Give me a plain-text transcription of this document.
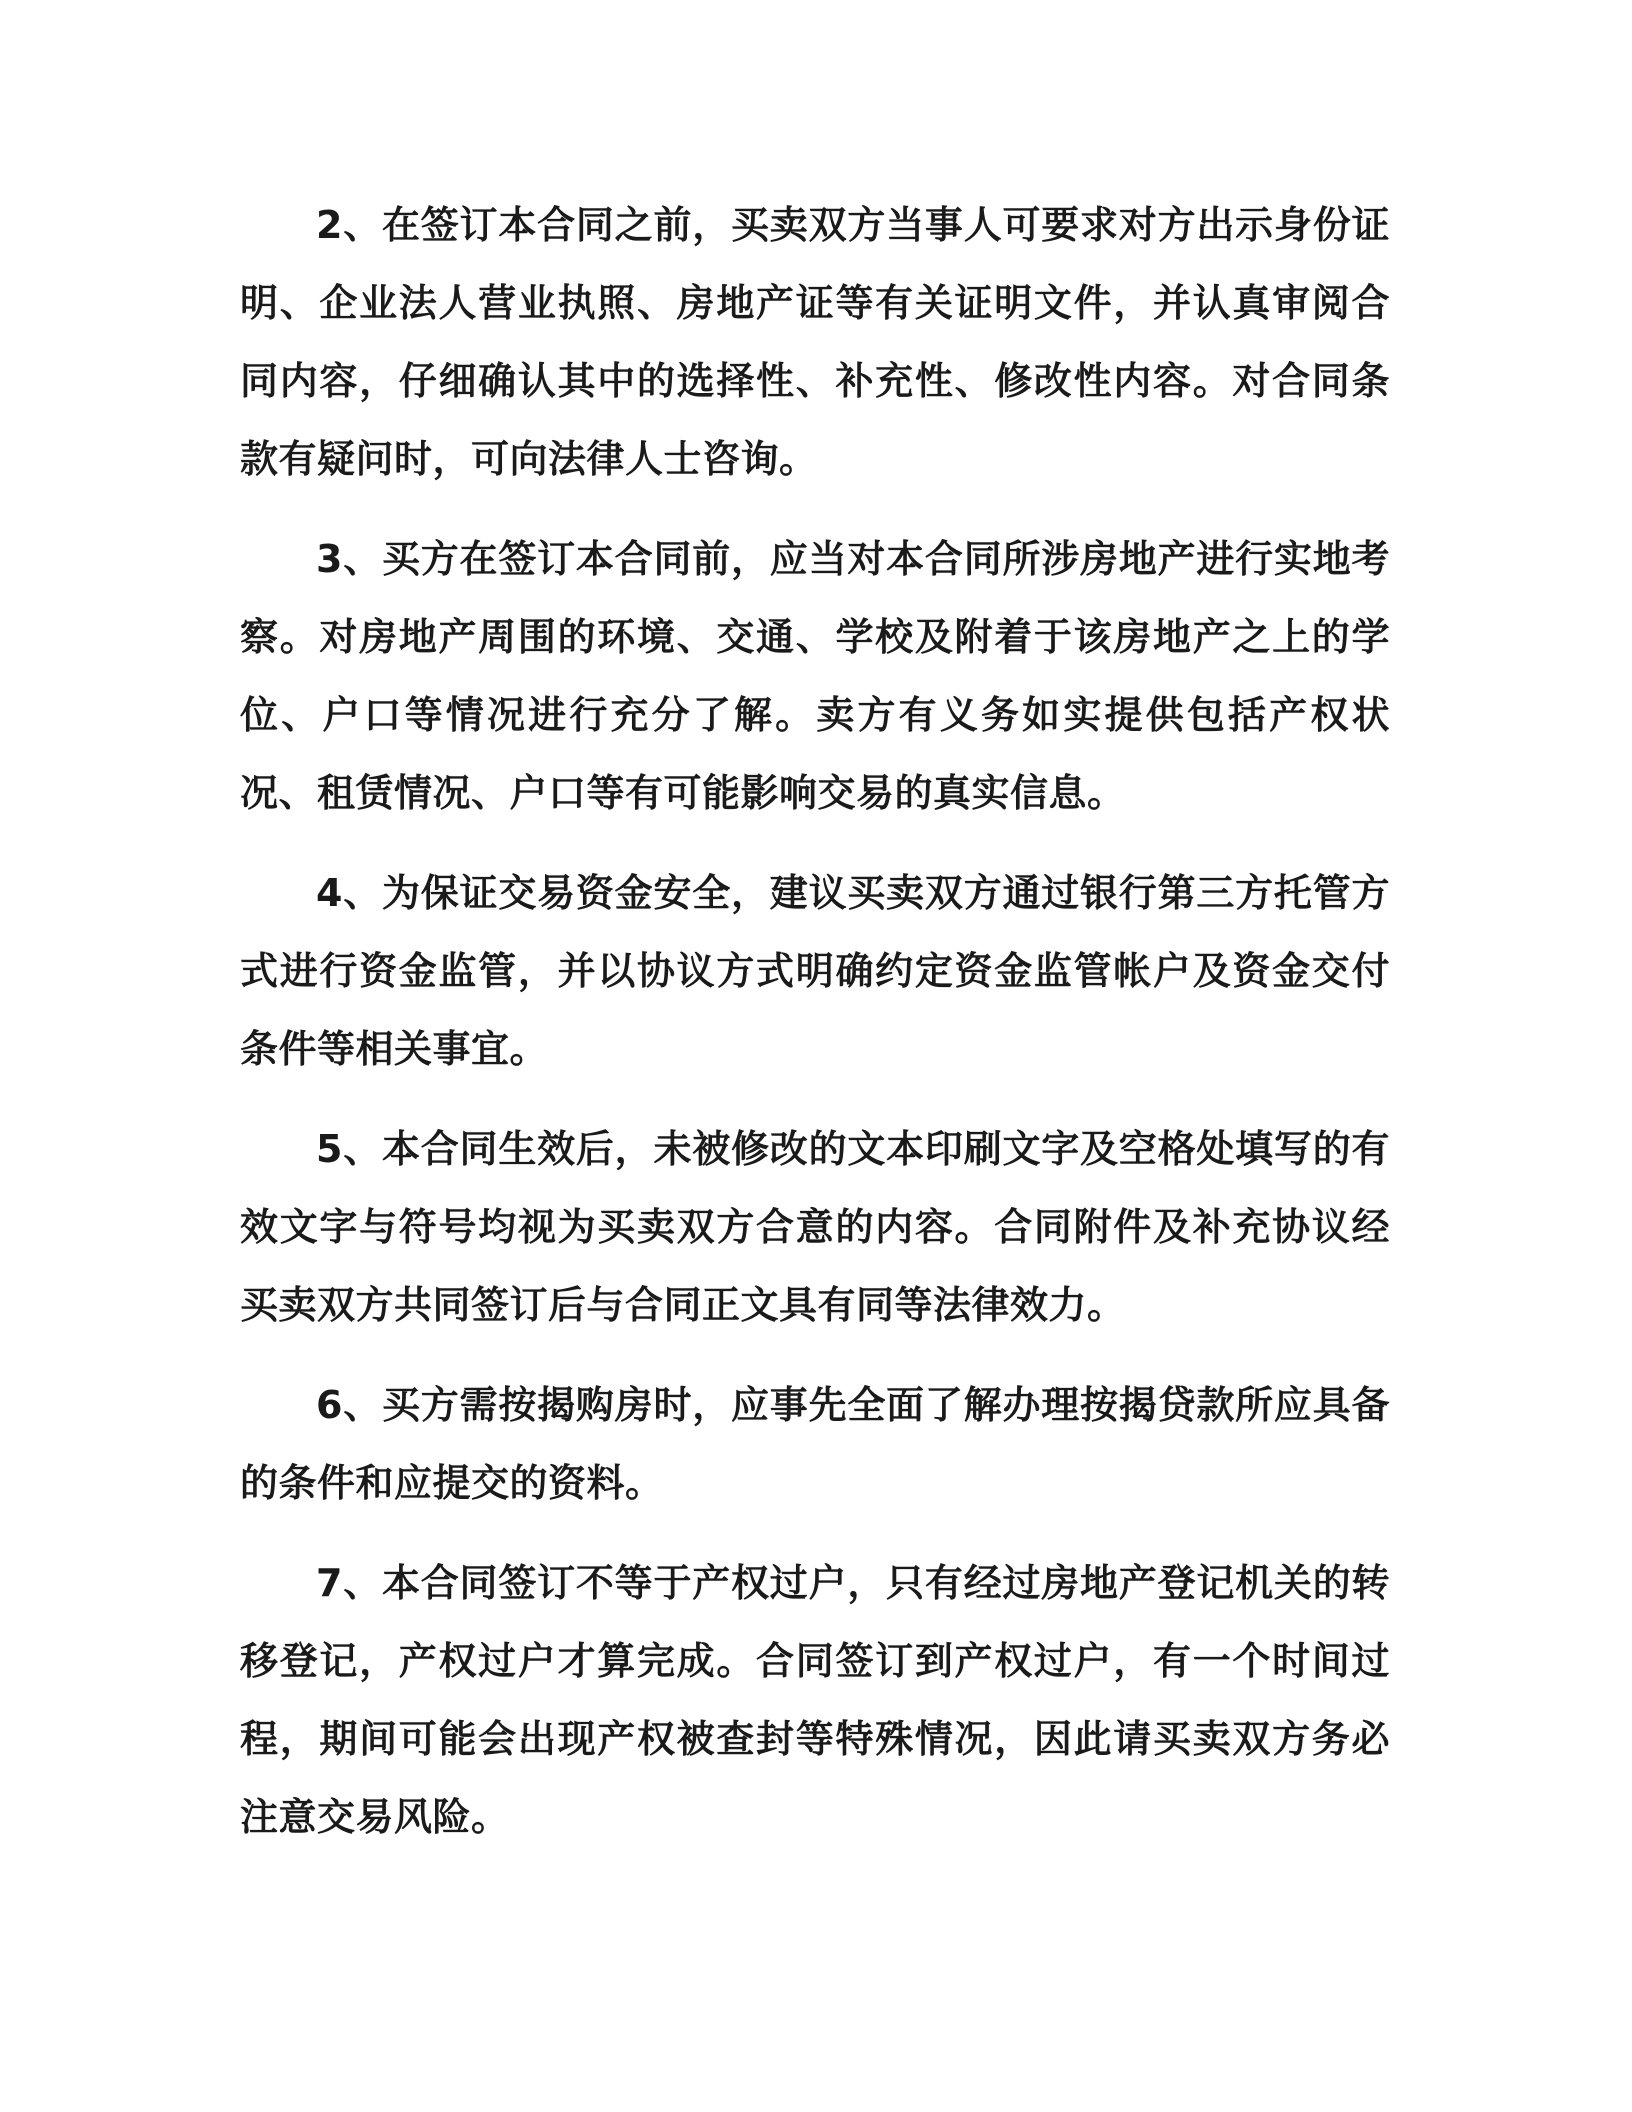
2、在签订本合同之前，买卖双方当事人可要求对方出示身份证明、企业法人营业执照、房地产证等有关证明文件，并认真审阅合同内容，仔细确认其中的选择性、补充性、修改性内容。对合同条款有疑问时，可向法律人士咨询。

3、买方在签订本合同前，应当对本合同所涉房地产进行实地考察。对房地产周围的环境、交通、学校及附着于该房地产之上的学位、户口等情况进行充分了解。卖方有义务如实提供包括产权状况、租赁情况、户口等有可能影响交易的真实信息。

4、为保证交易资金安全，建议买卖双方通过银行第三方托管方式进行资金监管，并以协议方式明确约定资金监管帐户及资金交付条件等相关事宜。

5、本合同生效后，未被修改的文本印刷文字及空格处填写的有效文字与符号均视为买卖双方合意的内容。合同附件及补充协议经买卖双方共同签订后与合同正文具有同等法律效力。

6、买方需按揭购房时，应事先全面了解办理按揭贷款所应具备的条件和应提交的资料。

7、本合同签订不等于产权过户，只有经过房地产登记机关的转移登记，产权过户才算完成。合同签订到产权过户，有一个时间过程，期间可能会出现产权被查封等特殊情况，因此请买卖双方务必注意交易风险。
